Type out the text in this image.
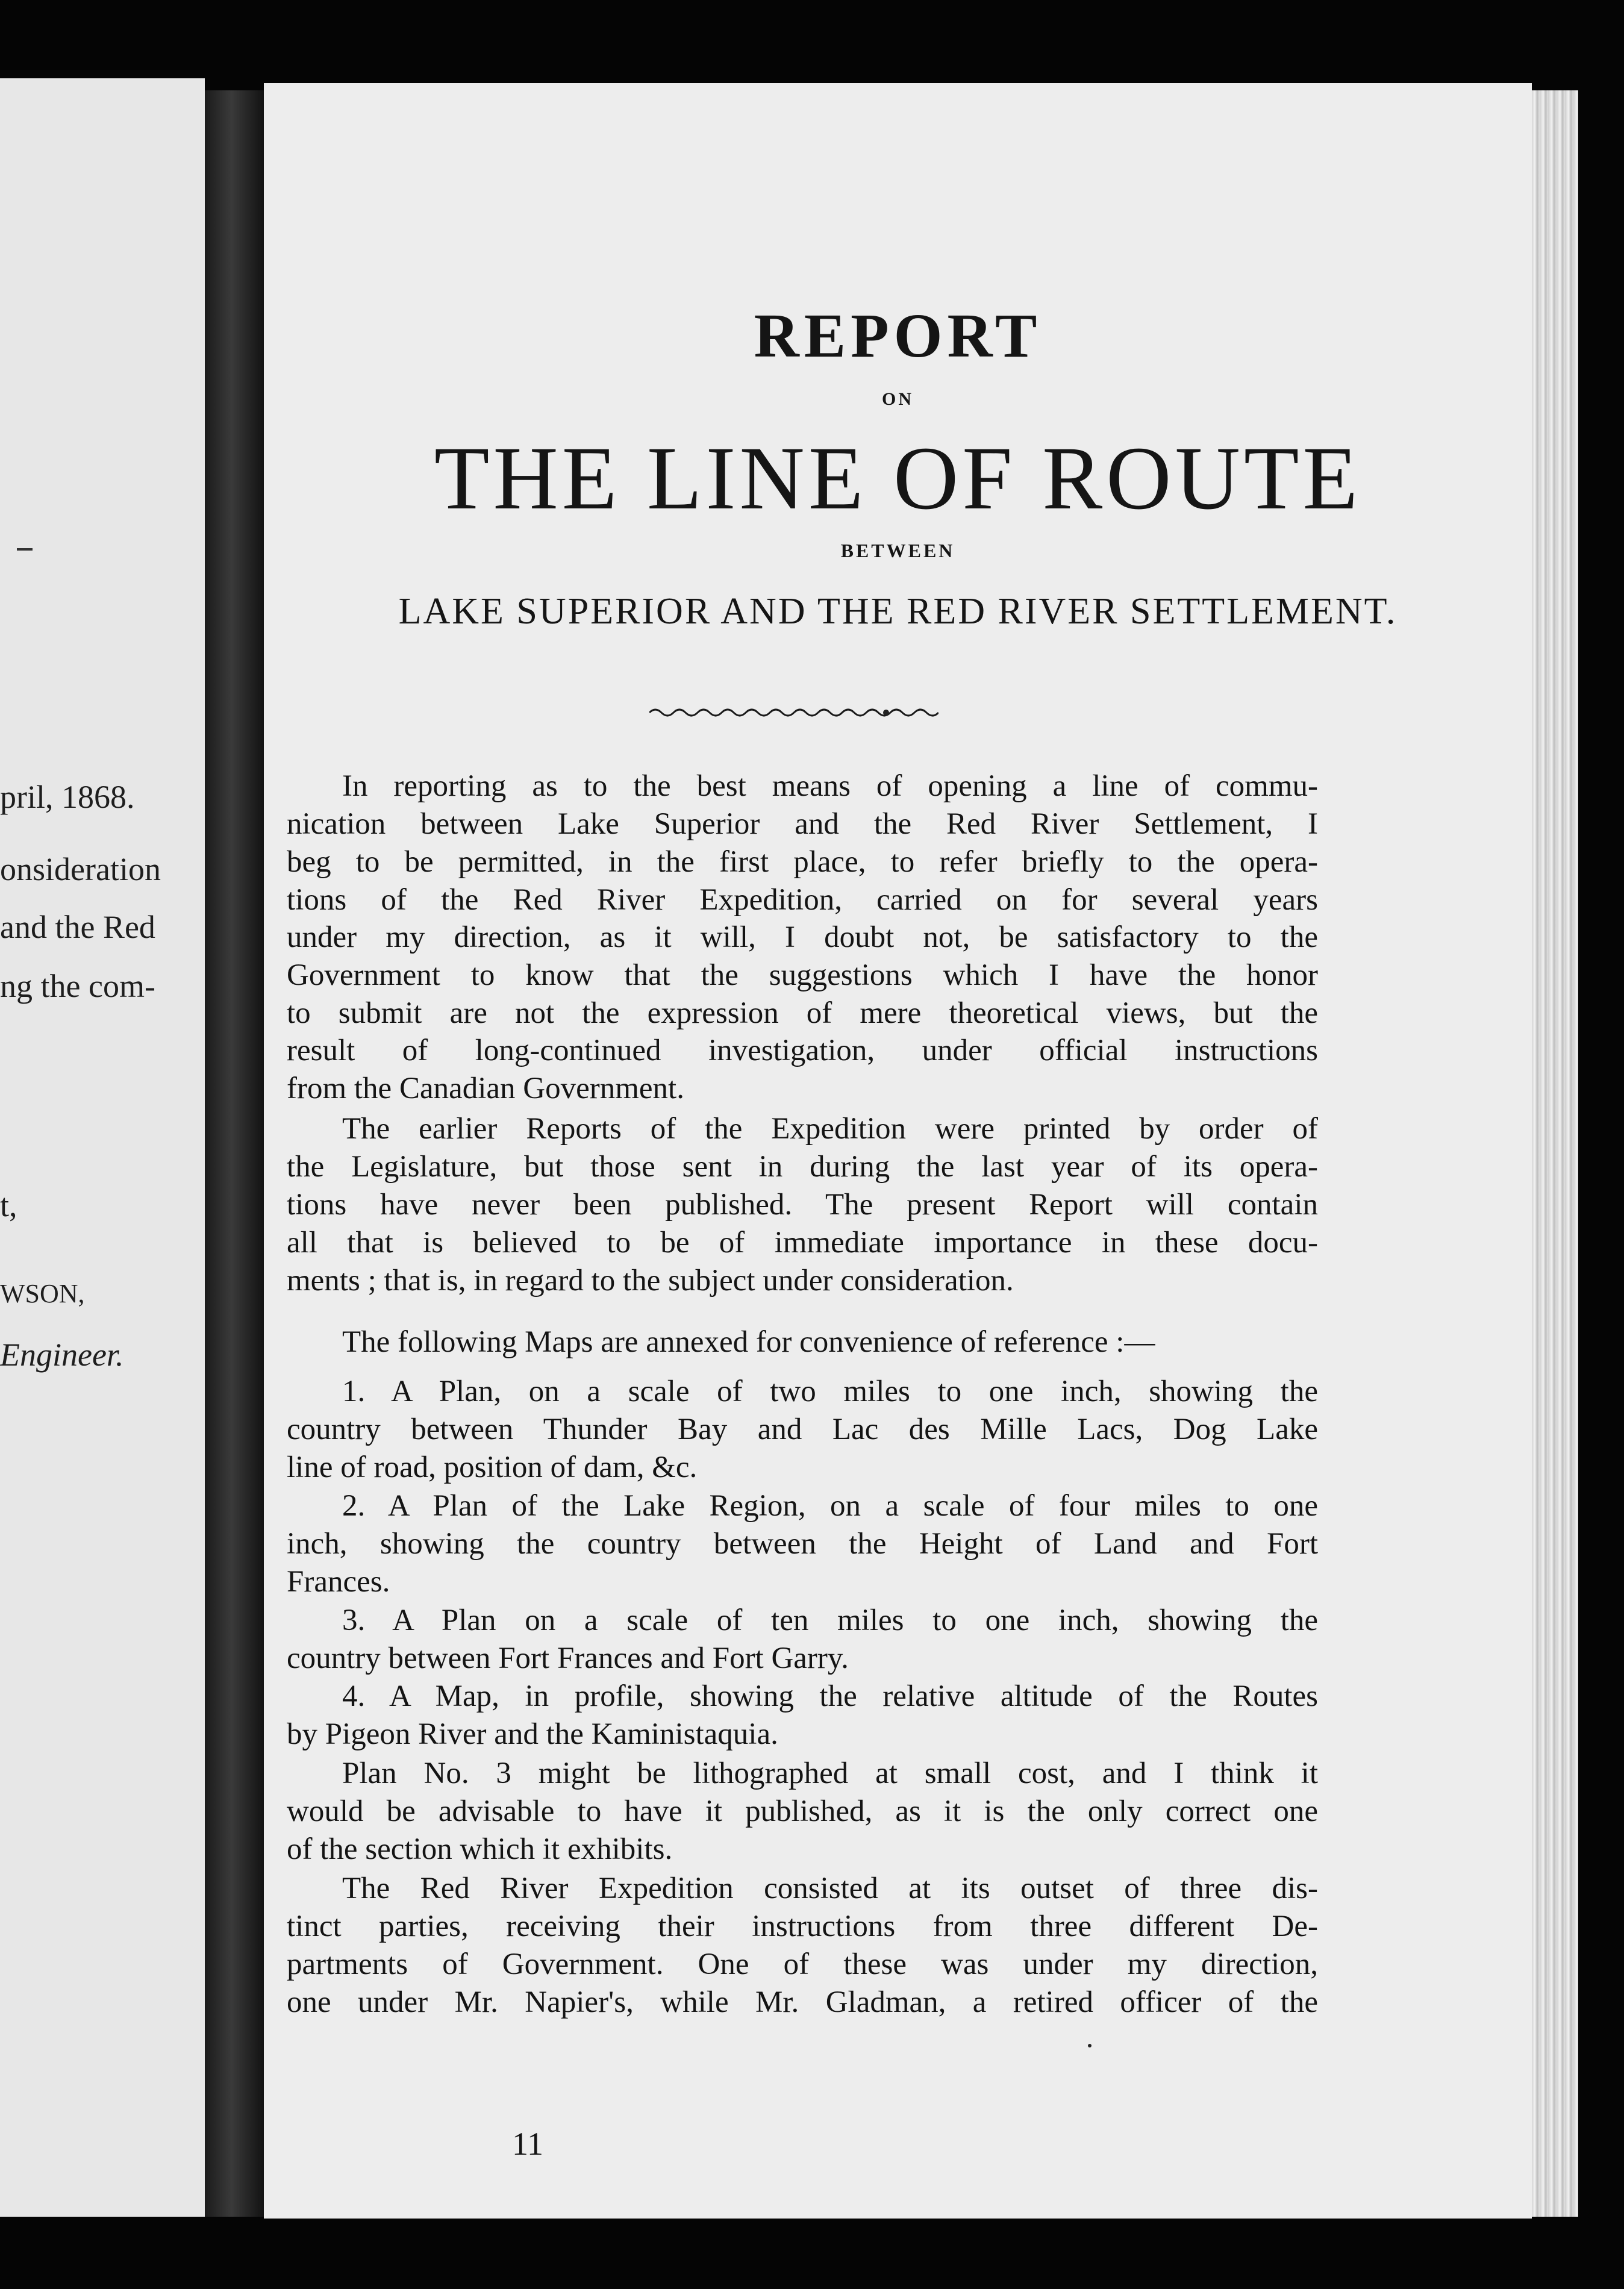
pril, 1868.
onsideration
and the Red
ng the com-
t,
WSON,
Engineer.
REPORT
ON
THE LINE OF ROUTE
BETWEEN
LAKE SUPERIOR AND THE RED RIVER SETTLEMENT.
In reporting as to the best means of opening a line of commu-
nication between Lake Superior and the Red River Settlement, I
beg to be permitted, in the first place, to refer briefly to the opera-
tions of the Red River Expedition, carried on for several years
under my direction, as it will, I doubt not, be satisfactory to the
Government to know that the suggestions which I have the honor
to submit are not the expression of mere theoretical views, but the
result of long-continued investigation, under official instructions
from the Canadian Government.
The earlier Reports of the Expedition were printed by order of
the Legislature, but those sent in during the last year of its opera-
tions have never been published. The present Report will contain
all that is believed to be of immediate importance in these docu-
ments ; that is, in regard to the subject under consideration.
The following Maps are annexed for convenience of reference :—
1. A Plan, on a scale of two miles to one inch, showing the
country between Thunder Bay and Lac des Mille Lacs, Dog Lake
line of road, position of dam, &c.
2. A Plan of the Lake Region, on a scale of four miles to one
inch, showing the country between the Height of Land and Fort
Frances.
3. A Plan on a scale of ten miles to one inch, showing the
country between Fort Frances and Fort Garry.
4. A Map, in profile, showing the relative altitude of the Routes
by Pigeon River and the Kaministaquia.
Plan No. 3 might be lithographed at small cost, and I think it
would be advisable to have it published, as it is the only correct one
of the section which it exhibits.
The Red River Expedition consisted at its outset of three dis-
tinct parties, receiving their instructions from three different De-
partments of Government. One of these was under my direction,
one under Mr. Napier's, while Mr. Gladman, a retired officer of the
11
